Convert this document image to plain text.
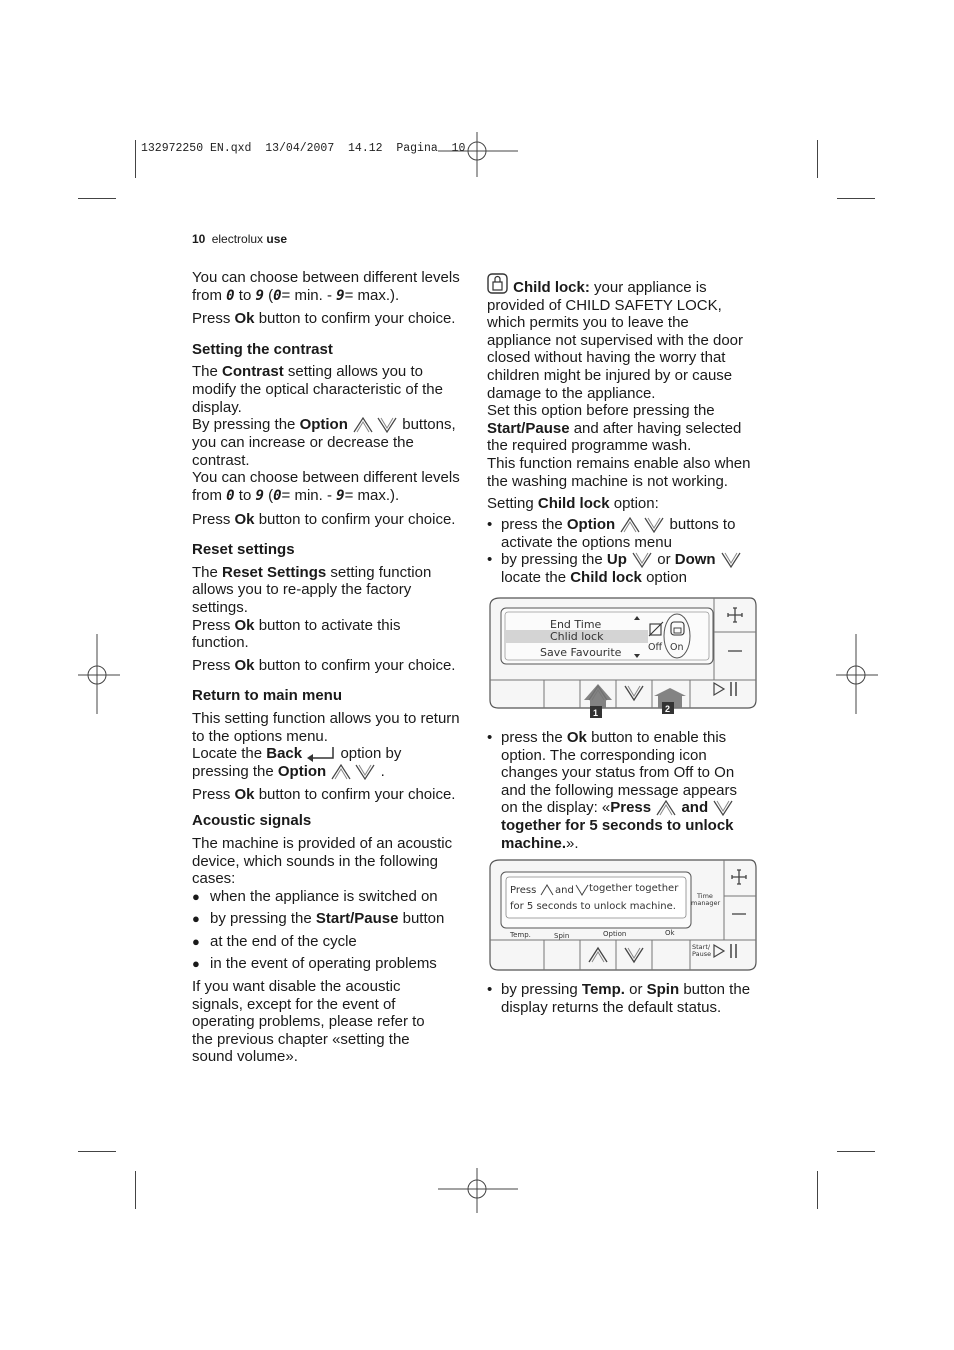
132972250 EN.qxd  13/04/2007  14.12  Pagina  10
10 electrolux use

You can choose between different levels

from 0 to 9 (0= min. - 9= max.).

Press Ok button to confirm your choice.

Setting the contrast

The Contrast setting allows you to

modify the optical characteristic of the

display.

By pressing the Option	buttons,

you can increase or decrease the

contrast.

You can choose between different levels

from 0 to 9 (0= min. - 9= max.).

Press Ok button to confirm your choice.

Reset settings

The Reset Settings setting function

allows you to re-apply the factory

settings.

Press Ok button to activate this

function.

Press Ok button to confirm your choice.

Return to main menu

This setting function allows you to return

to the options menu.

Locate the Back	option by

pressing the Option	.

Press Ok button to confirm your choice.

Acoustic signals

The machine is provided of an acoustic

device, which sounds in the following

cases:

● when the appliance is switched on
● by pressing the Start/Pause button
● at the end of the cycle
● in the event of operating problems

If you want disable the acoustic

signals, except for the event of

operating problems, please refer to

the previous chapter «setting the

sound volume».

Child lock: your appliance is

provided of CHILD SAFETY LOCK,

which permits you to leave the

appliance not supervised with the door

closed without having the worry that

children might be injured by or cause

damage to the appliance.

Set this option before pressing the

Start/Pause and after having selected

the required programme wash.

This function remains enable also when

the washing machine is not working.

Setting Child lock option:

• press the Option	buttons to
activate the options menu
• by pressing the Up or Down
locate the Child lock option
End Time
Chlid lock
Save Favourite	Off On
1	2
• press the Ok button to enable this
option. The corresponding icon
changes your status from Off to On
and the following message appears
on the display: «Press and
together for 5 seconds to unlock
machine.».
Press and together together
for 5 seconds to unlock machine.
Time
manager
Temp.	Spin	Option	Ok
Start/
Pause
• by pressing Temp. or Spin button the
display returns the default status.
